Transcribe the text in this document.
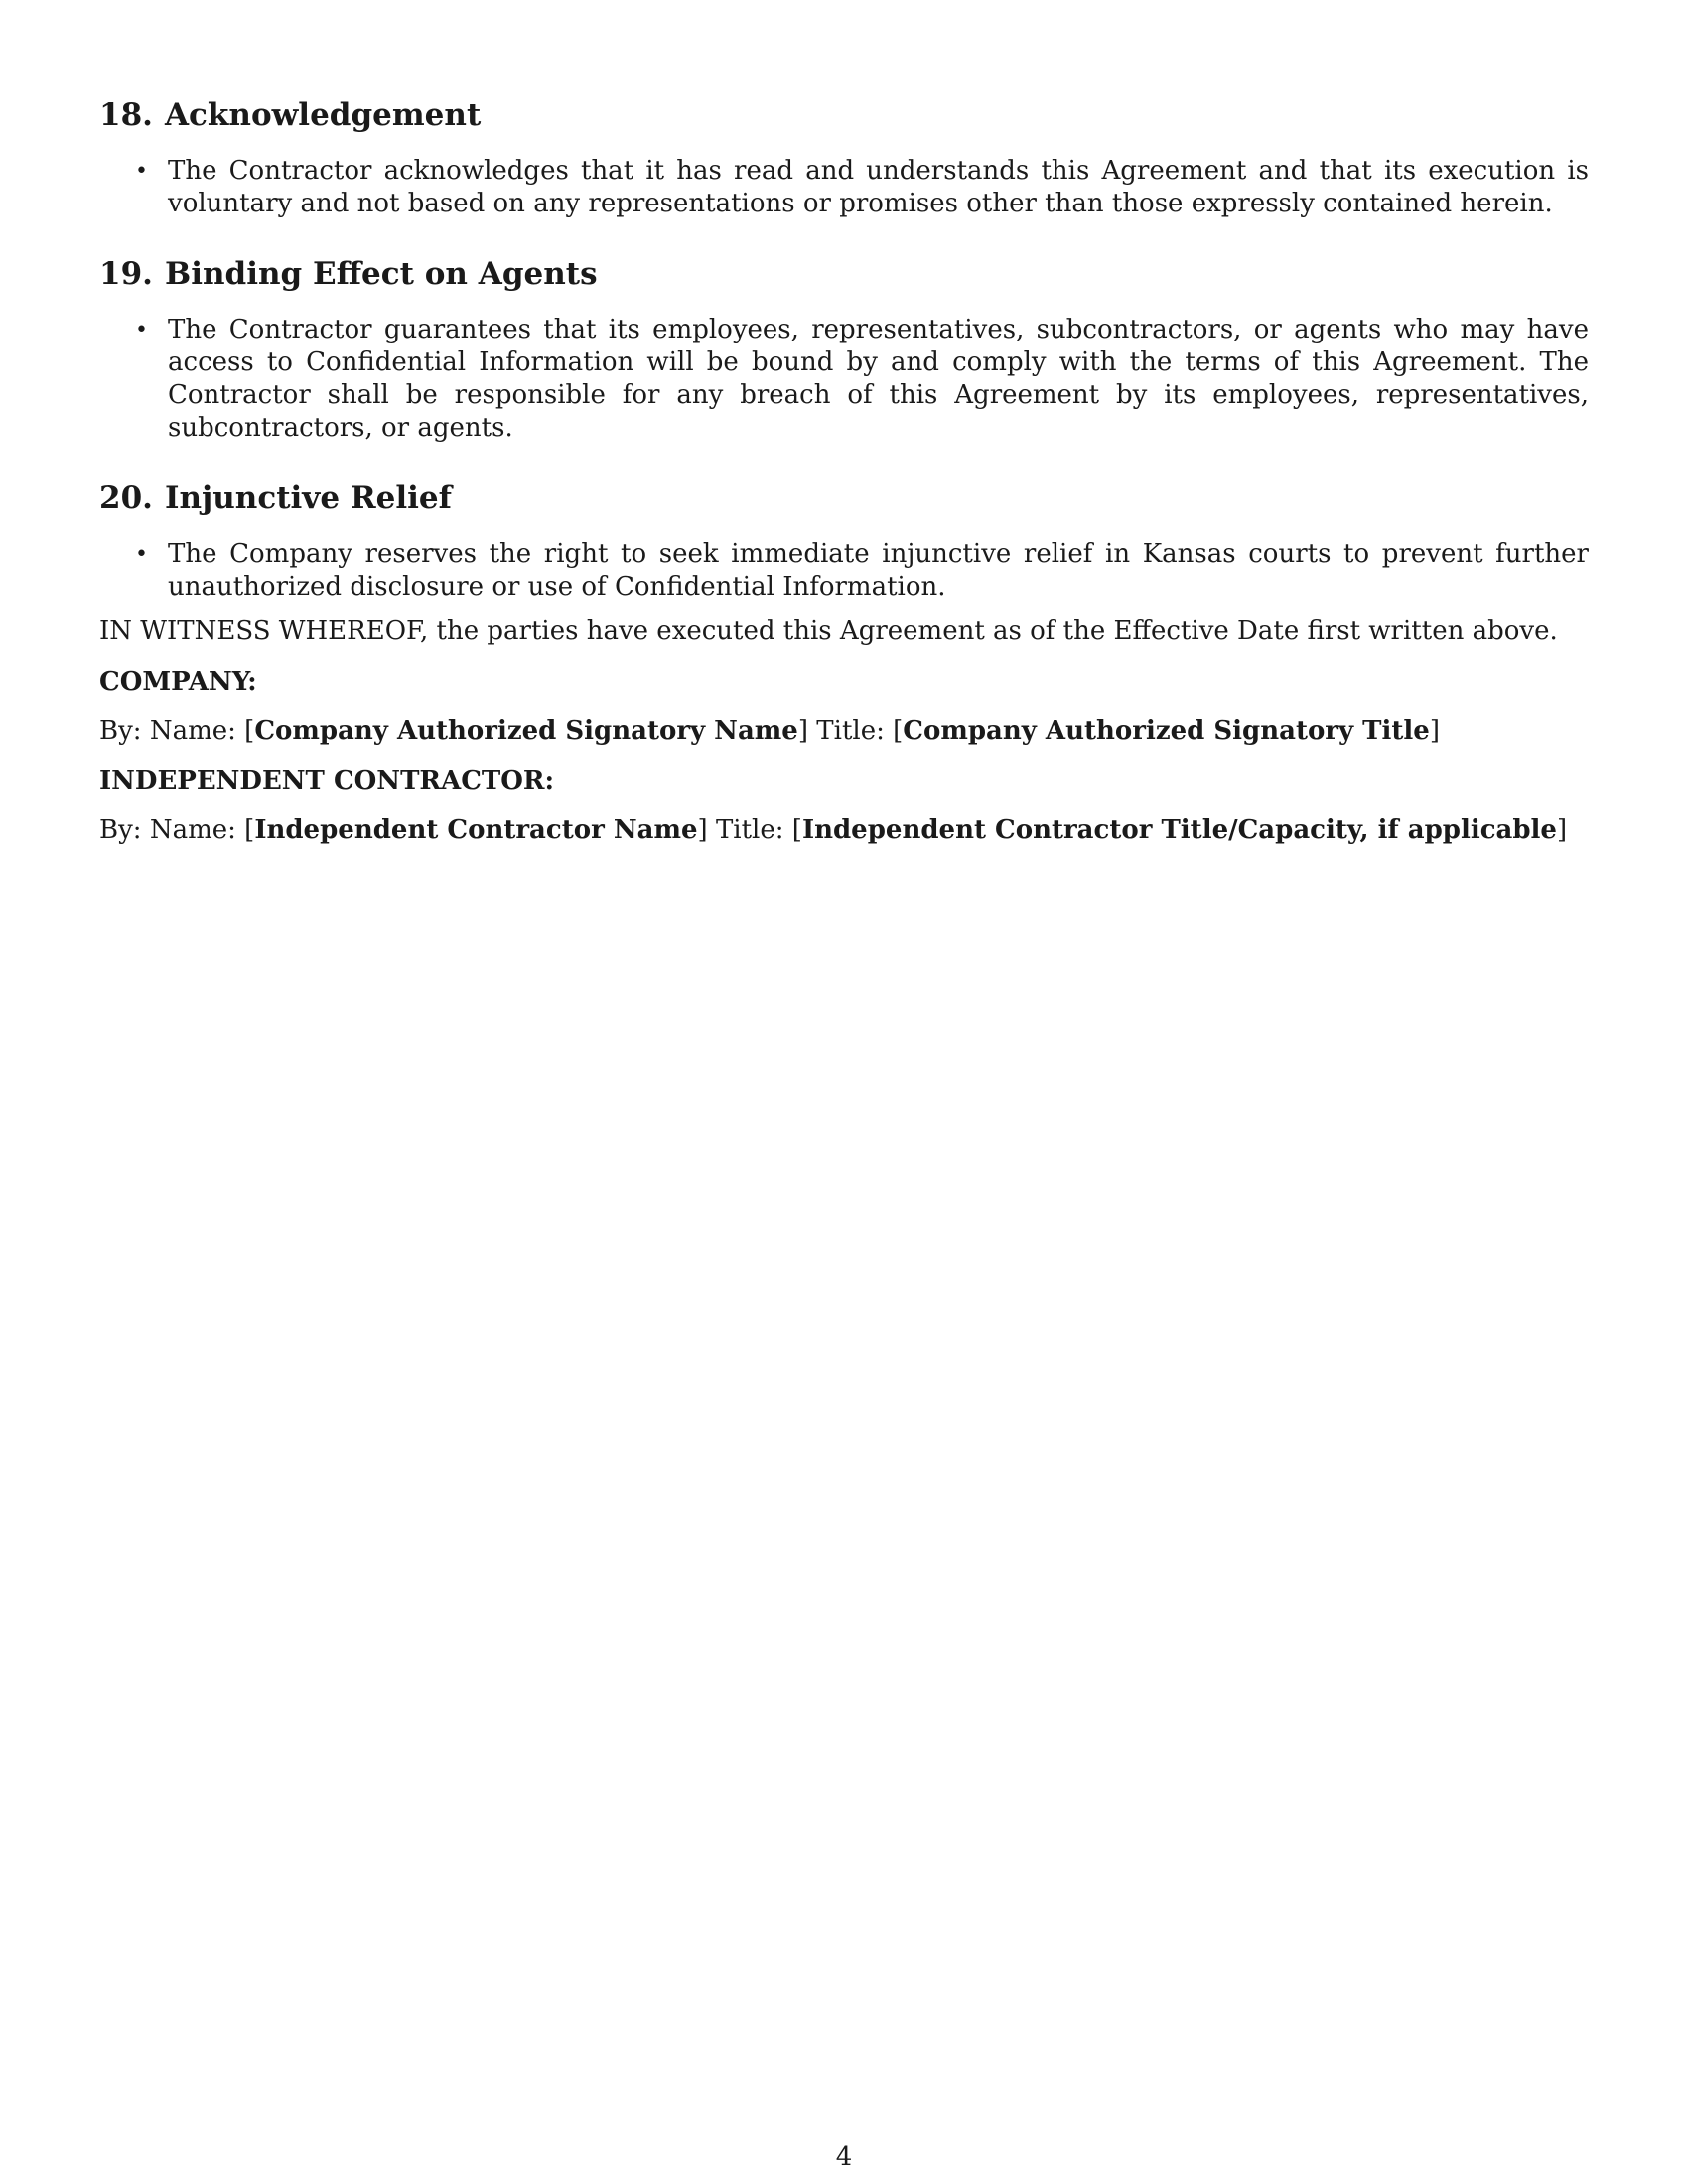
18. Acknowledgement
• The Contractor acknowledges that it has read and understands this Agreement and that its execution is voluntary and not based on any representations or promises other than those expressly contained herein.
19. Binding Effect on Agents
• The Contractor guarantees that its employees, representatives, subcontractors, or agents who may have access to Confidential Information will be bound by and comply with the terms of this Agreement. The Contractor shall be responsible for any breach of this Agreement by its employees, representatives, subcontractors, or agents.
20. Injunctive Relief
• The Company reserves the right to seek immediate injunctive relief in Kansas courts to prevent further unauthorized disclosure or use of Confidential Information.

IN WITNESS WHEREOF, the parties have executed this Agreement as of the Effective Date first written above.

COMPANY:

By: Name: [Company Authorized Signatory Name] Title: [Company Authorized Signatory Title]

INDEPENDENT CONTRACTOR:

By: Name: [Independent Contractor Name] Title: [Independent Contractor Title/Capacity, if applicable]

4
